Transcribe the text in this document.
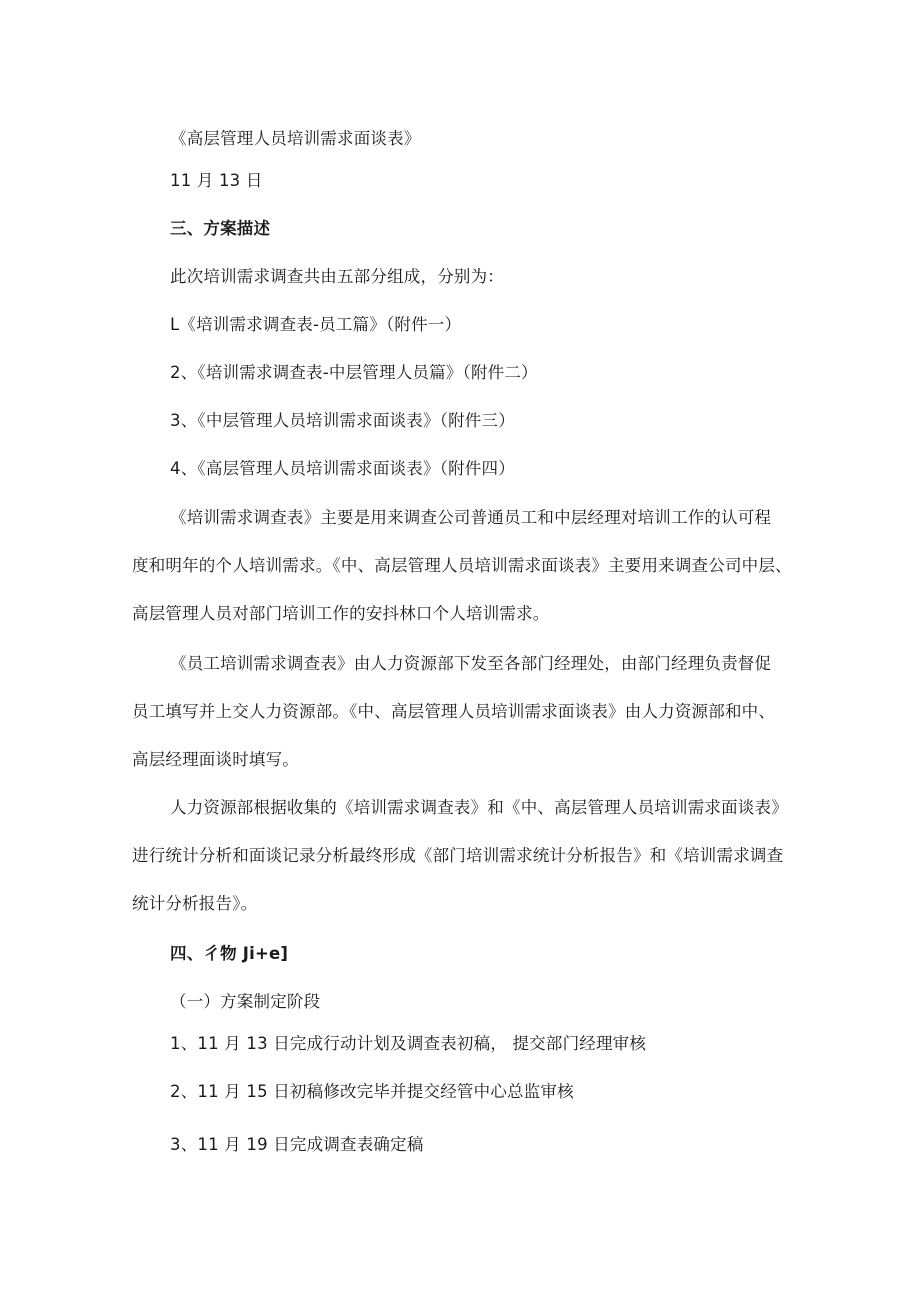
《高层管理人员培训需求面谈表》
11 月 13 日
三、方案描述
此次培训需求调查共由五部分组成，分别为：
L《培训需求调查表-员工篇》（附件一）
2、《培训需求调查表-中层管理人员篇》（附件二）
3、《中层管理人员培训需求面谈表》（附件三）
4、《高层管理人员培训需求面谈表》（附件四）
《培训需求调查表》主要是用来调查公司普通员工和中层经理对培训工作的认可程
度和明年的个人培训需求。《中、高层管理人员培训需求面谈表》主要用来调查公司中层、
高层管理人员对部门培训工作的安抖林口个人培训需求。
《员工培训需求调查表》由人力资源部下发至各部门经理处，由部门经理负责督促
员工填写并上交人力资源部。《中、高层管理人员培训需求面谈表》由人力资源部和中、
高层经理面谈时填写。
人力资源部根据收集的《培训需求调查表》和《中、高层管理人员培训需求面谈表》
进行统计分析和面谈记录分析最终形成《部门培训需求统计分析报告》和《培训需求调查
统计分析报告》。
四、彳物 Ji+e]
（一）方案制定阶段
1、11 月 13 日完成行动计划及调查表初稿， 提交部门经理审核
2、11 月 15 日初稿修改完毕并提交经管中心总监审核
3、11 月 19 日完成调查表确定稿
